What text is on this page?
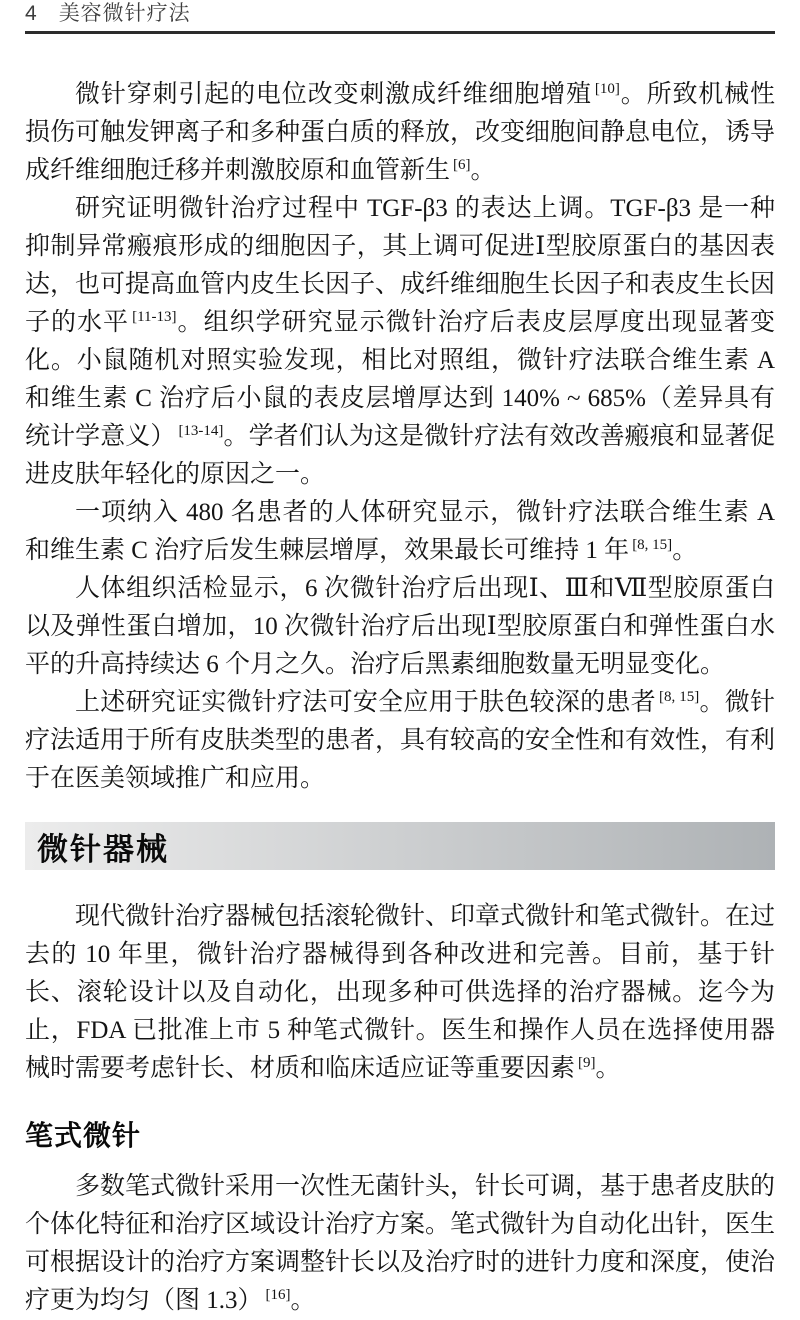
4 美容微针疗法

微针穿刺引起的电位改变刺激成纤维细胞增殖 [10]。所致机械性损伤可触发钾离子和多种蛋白质的释放，改变细胞间静息电位，诱导成纤维细胞迁移并刺激胶原和血管新生 [6]。

研究证明微针治疗过程中 TGF-β3 的表达上调。TGF-β3 是一种抑制异常瘢痕形成的细胞因子，其上调可促进Ⅰ型胶原蛋白的基因表达，也可提高血管内皮生长因子、成纤维细胞生长因子和表皮生长因子的水平 [11-13]。组织学研究显示微针治疗后表皮层厚度出现显著变化。小鼠随机对照实验发现，相比对照组，微针疗法联合维生素 A 和维生素 C 治疗后小鼠的表皮层增厚达到 140% ~ 685%（差异具有统计学意义） [13-14]。学者们认为这是微针疗法有效改善瘢痕和显著促进皮肤年轻化的原因之一。

一项纳入 480 名患者的人体研究显示，微针疗法联合维生素 A 和维生素 C 治疗后发生棘层增厚，效果最长可维持 1 年 [8, 15]。

人体组织活检显示，6 次微针治疗后出现Ⅰ、Ⅲ和Ⅶ型胶原蛋白以及弹性蛋白增加，10 次微针治疗后出现Ⅰ型胶原蛋白和弹性蛋白水平的升高持续达 6 个月之久。治疗后黑素细胞数量无明显变化。

上述研究证实微针疗法可安全应用于肤色较深的患者 [8, 15]。微针疗法适用于所有皮肤类型的患者，具有较高的安全性和有效性，有利于在医美领域推广和应用。

微针器械

现代微针治疗器械包括滚轮微针、印章式微针和笔式微针。在过去的 10 年里，微针治疗器械得到各种改进和完善。目前，基于针长、滚轮设计以及自动化，出现多种可供选择的治疗器械。迄今为止，FDA 已批准上市 5 种笔式微针。医生和操作人员在选择使用器械时需要考虑针长、材质和临床适应证等重要因素 [9]。

笔式微针

多数笔式微针采用一次性无菌针头，针长可调，基于患者皮肤的个体化特征和治疗区域设计治疗方案。笔式微针为自动化出针，医生可根据设计的治疗方案调整针长以及治疗时的进针力度和深度，使治疗更为均匀（图 1.3） [16]。
